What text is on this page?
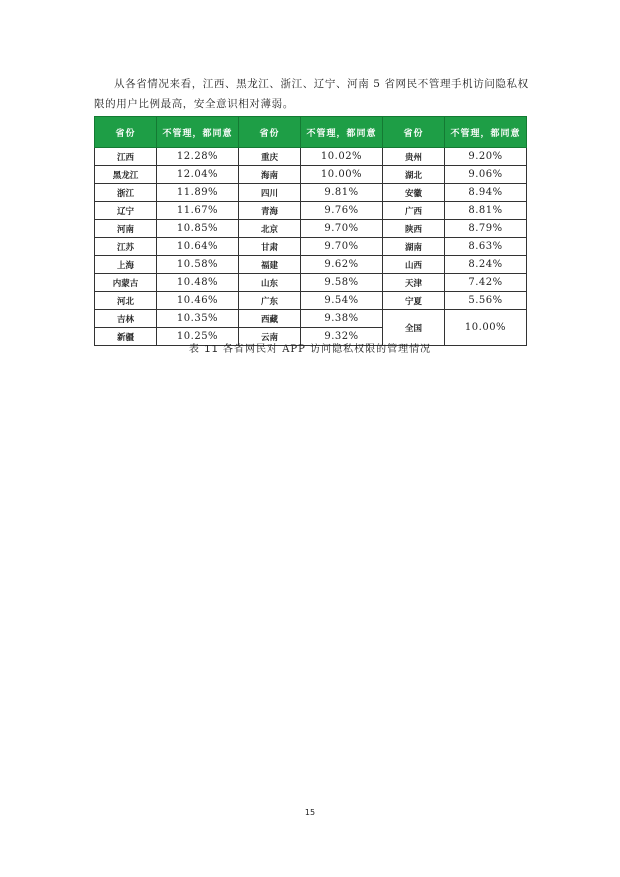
从各省情况来看，江西、黑龙江、浙江、辽宁、河南 5 省网民不管理手机访问隐私权限的用户比例最高，安全意识相对薄弱。

省份	不管理，都同意	省份	不管理，都同意	省份	不管理，都同意
江西	12.28%	重庆	10.02%	贵州	9.20%
黑龙江	12.04%	海南	10.00%	湖北	9.06%
浙江	11.89%	四川	9.81%	安徽	8.94%
辽宁	11.67%	青海	9.76%	广西	8.81%
河南	10.85%	北京	9.70%	陕西	8.79%
江苏	10.64%	甘肃	9.70%	湖南	8.63%
上海	10.58%	福建	9.62%	山西	8.24%
内蒙古	10.48%	山东	9.58%	天津	7.42%
河北	10.46%	广东	9.54%	宁夏	5.56%
吉林	10.35%	西藏	9.38%	全国	10.00%
新疆	10.25%	云南	9.32%		
表 11 各省网民对 APP 访问隐私权限的管理情况
15
